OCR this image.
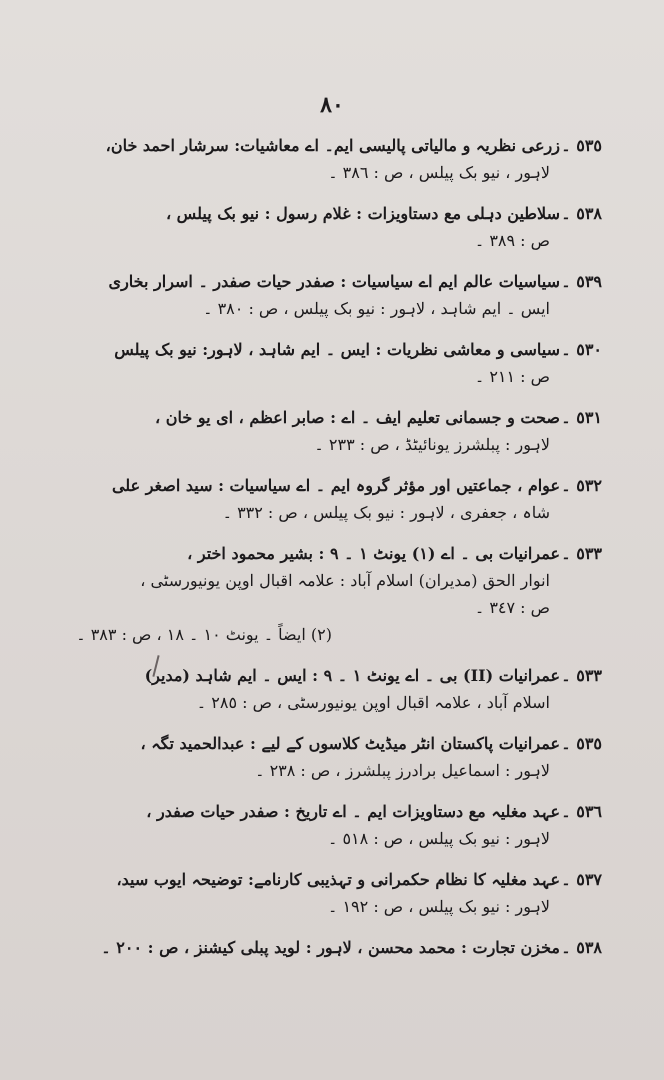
٨٠
٥٣٥ ۔زرعی نظریہ و مالیاتی پالیسی ایم۔ اے معاشیات: سرشار احمد خان،
لاہور ، نیو بک پیلس ، ص : ٣٨٦ ۔
٥٣٨ ۔سلاطین دہلی مع دستاویزات : غلام رسول : نیو بک پیلس ،
ص : ٣٨٩ ۔
٥٣٩ ۔سیاسیات عالم ایم اے سیاسیات : صفدر حیات صفدر ۔ اسرار بخاری
ایس ۔ ایم شاہد ، لاہور : نیو بک پیلس ، ص : ٣٨٠ ۔
٥٣٠ ۔سیاسی و معاشی نظریات : ایس ۔ ایم شاہد ، لاہور: نیو بک پیلس
ص : ٢١١ ۔
٥٣١ ۔صحت و جسمانی تعلیم ایف ۔ اے : صابر اعظم ، ای یو خان ،
لاہور : پبلشرز یونائیٹڈ ، ص : ٢٣٣ ۔
٥٣٢ ۔عوام ، جماعتیں اور مؤثر گروہ ایم ۔ اے سیاسیات : سید اصغر علی
شاہ ، جعفری ، لاہور : نیو بک پیلس ، ص : ٣٣٢ ۔
٥٣٣ ۔عمرانیات بی ۔ اے (١) یونٹ ١ ۔ ٩ : بشیر محمود اختر ،
انوار الحق (مدیران) اسلام آباد : علامہ اقبال اوپن یونیورسٹی ،
ص : ٣٤٧ ۔
(٢) ایضاً ۔ یونٹ ١٠ ۔ ١٨ ، ص : ٣٨٣ ۔
٥٣٣ ۔عمرانیات (II) بی ۔ اے یونٹ ١ ۔ ٩ : ایس ۔ ایم شاہد (مدیر)
اسلام آباد ، علامہ اقبال اوپن یونیورسٹی ، ص : ٢٨٥ ۔
٥٣٥ ۔عمرانیات پاکستان انٹر میڈیٹ کلاسوں کے لیے : عبدالحمید تگہ ،
لاہور : اسماعیل برادرز پبلشرز ، ص : ٢٣٨ ۔
٥٣٦ ۔عہد مغلیہ مع دستاویزات ایم ۔ اے تاریخ : صفدر حیات صفدر ،
لاہور : نیو بک پیلس ، ص : ٥١٨ ۔
٥٣٧ ۔عہد مغلیہ کا نظام حکمرانی و تہذیبی کارنامے: توضیحہ ایوب سید،
لاہور : نیو بک پیلس ، ص : ١٩٢ ۔
٥٣٨ ۔مخزن تجارت : محمد محسن ، لاہور : لوید پبلی کیشنز ، ص : ٢٠٠ ۔
